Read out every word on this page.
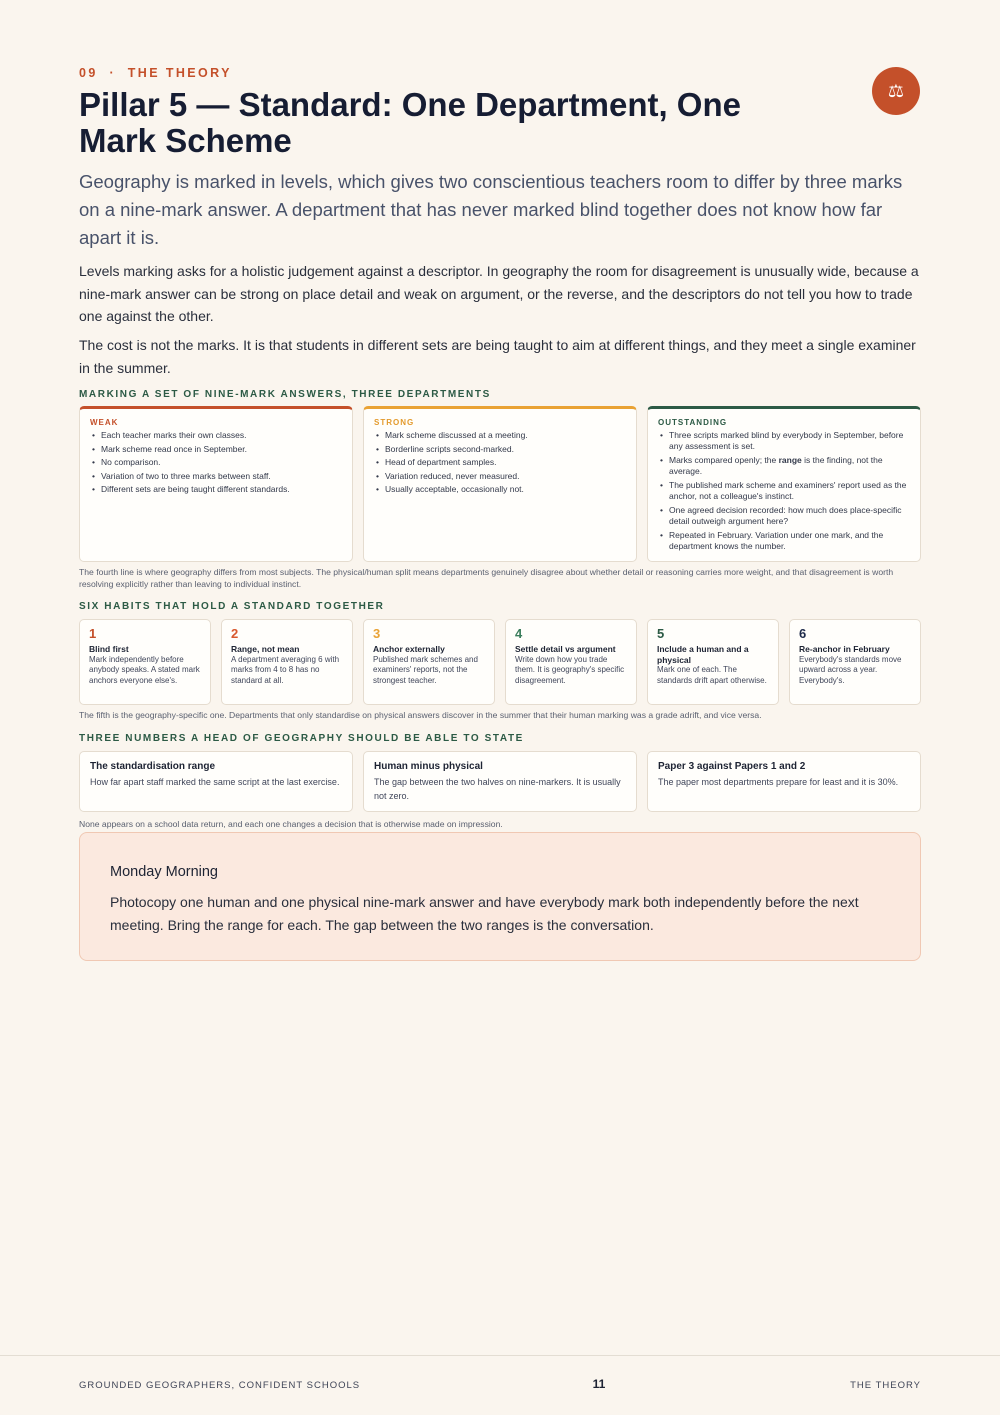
09  ·  THE THEORY
⚖
Pillar 5 — Standard: One Department, One Mark Scheme

Geography is marked in levels, which gives two conscientious teachers room to differ by three marks on a nine-mark answer. A department that has never marked blind together does not know how far apart it is.

Levels marking asks for a holistic judgement against a descriptor. In geography the room for disagreement is unusually wide, because a nine-mark answer can be strong on place detail and weak on argument, or the reverse, and the descriptors do not tell you how to trade one against the other.

The cost is not the marks. It is that students in different sets are being taught to aim at different things, and they meet a single examiner in the summer.

MARKING A SET OF NINE-MARK ANSWERS, THREE DEPARTMENTS
WEAK
• Each teacher marks their own classes.
• Mark scheme read once in September.
• No comparison.
• Variation of two to three marks between staff.
• Different sets are being taught different standards.
STRONG
• Mark scheme discussed at a meeting.
• Borderline scripts second-marked.
• Head of department samples.
• Variation reduced, never measured.
• Usually acceptable, occasionally not.
OUTSTANDING
• Three scripts marked blind by everybody in September, before any assessment is set.
• Marks compared openly; the range is the finding, not the average.
• The published mark scheme and examiners' report used as the anchor, not a colleague's instinct.
• One agreed decision recorded: how much does place-specific detail outweigh argument here?
• Repeated in February. Variation under one mark, and the department knows the number.

The fourth line is where geography differs from most subjects. The physical/human split means departments genuinely disagree about whether detail or reasoning carries more weight, and that disagreement is worth resolving explicitly rather than leaving to individual instinct.

SIX HABITS THAT HOLD A STANDARD TOGETHER
1
Blind first
Mark independently before anybody speaks. A stated mark anchors everyone else's.
2
Range, not mean
A department averaging 6 with marks from 4 to 8 has no standard at all.
3
Anchor externally
Published mark schemes and examiners' reports, not the strongest teacher.
4
Settle detail vs argument
Write down how you trade them. It is geography's specific disagreement.
5
Include a human and a physical
Mark one of each. The standards drift apart otherwise.
6
Re-anchor in February
Everybody's standards move upward across a year. Everybody's.

The fifth is the geography-specific one. Departments that only standardise on physical answers discover in the summer that their human marking was a grade adrift, and vice versa.

THREE NUMBERS A HEAD OF GEOGRAPHY SHOULD BE ABLE TO STATE
The standardisation range
How far apart staff marked the same script at the last exercise.
Human minus physical
The gap between the two halves on nine-markers. It is usually not zero.
Paper 3 against Papers 1 and 2
The paper most departments prepare for least and it is 30%.

None appears on a school data return, and each one changes a decision that is otherwise made on impression.

Monday Morning

Photocopy one human and one physical nine-mark answer and have everybody mark both independently before the next meeting. Bring the range for each. The gap between the two ranges is the conversation.

GROUNDED GEOGRAPHERS, CONFIDENT SCHOOLS	11	THE THEORY
